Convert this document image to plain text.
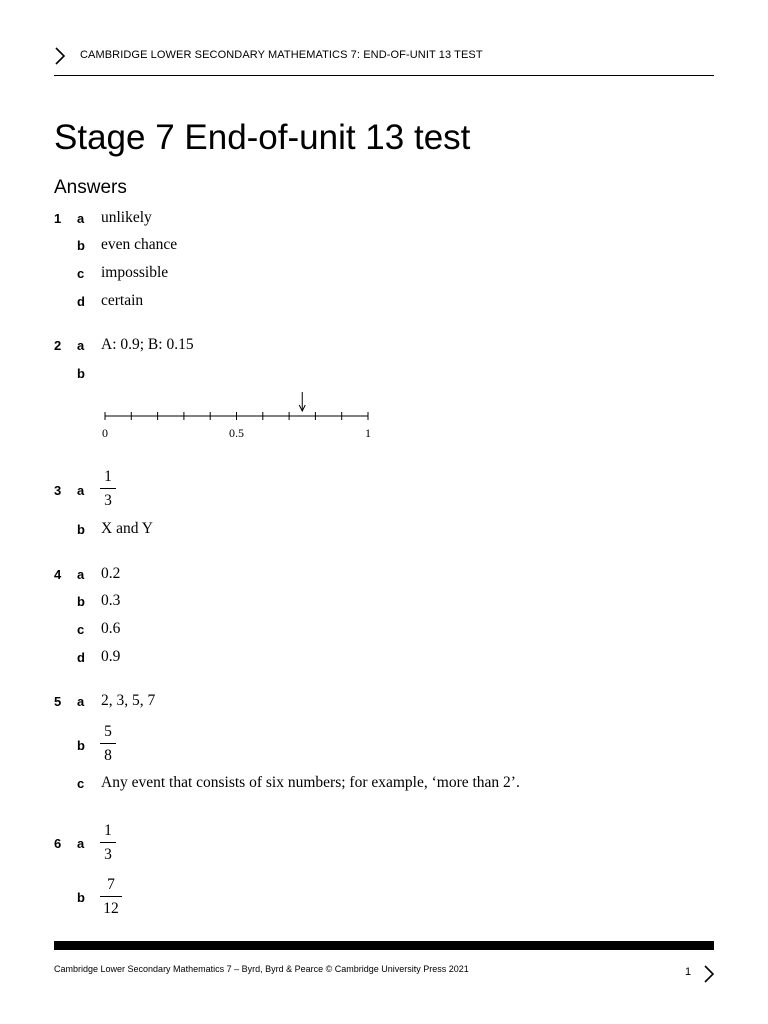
CAMBRIDGE LOWER SECONDARY MATHEMATICS 7: END-OF-UNIT 13 TEST
Stage 7 End-of-unit 13 test
Answers
1	a	unlikely
b even chance
c	impossible
d certain
2	a	A: 0.9; B: 0.15
b
0	0.5	1
3	a
1
3
b X and Y
4	a	0.2
b 0.3
c	0.6
d 0.9
5	a	2, 3, 5, 7
b
5
8
c	Any event that consists of six numbers; for example, ‘more than 2’.
6	a
1
3
b
7
12
Cambridge Lower Secondary Mathematics 7 – Byrd, Byrd & Pearce © Cambridge University Press 2021	1
